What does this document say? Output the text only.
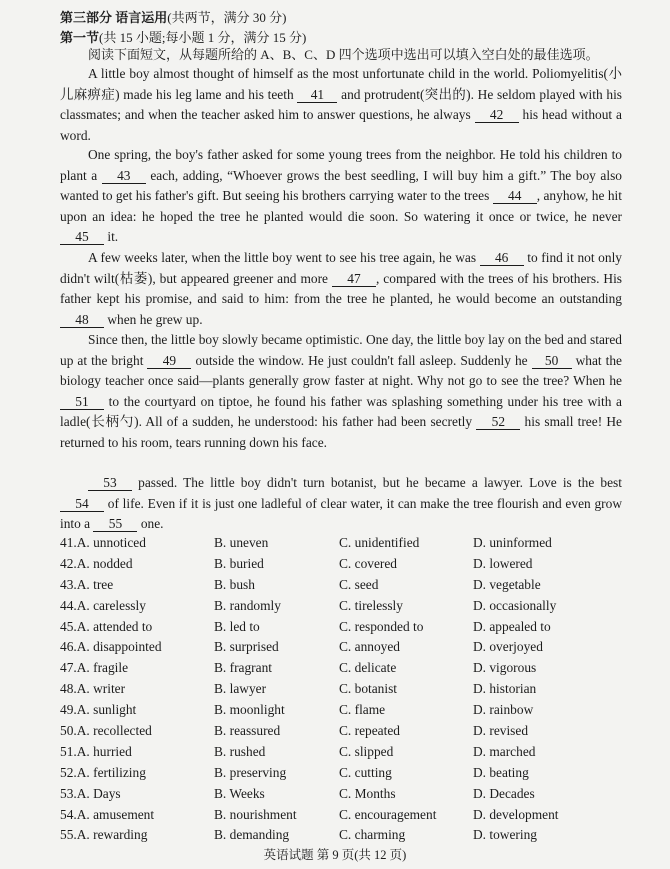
第三部分 语言运用(共两节，满分 30 分)
第一节(共 15 小题;每小题 1 分，满分 15 分)

阅读下面短文，从每题所给的 A、B、C、D 四个选项中选出可以填入空白处的最佳选项。

A little boy almost thought of himself as the most unfortunate child in the world. Poliomyelitis(小儿麻痹症) made his leg lame and his teeth 41 and protrudent(突出的). He seldom played with his classmates; and when the teacher asked him to answer questions, he always 42 his head without a word.

One spring, the boy's father asked for some young trees from the neighbor. He told his children to plant a 43 each, adding, “Whoever grows the best seedling, I will buy him a gift.” The boy also wanted to get his father's gift. But seeing his brothers carrying water to the trees 44 , anyhow, he hit upon an idea: he hoped the tree he planted would die soon. So watering it once or twice, he never 45 it.

A few weeks later, when the little boy went to see his tree again, he was 46 to find it not only didn't wilt(枯萎), but appeared greener and more 47 , compared with the trees of his brothers. His father kept his promise, and said to him: from the tree he planted, he would become an outstanding 48 when he grew up.

Since then, the little boy slowly became optimistic. One day, the little boy lay on the bed and stared up at the bright 49 outside the window. He just couldn't fall asleep. Suddenly he 50 what the biology teacher once said—plants generally grow faster at night. Why not go to see the tree? When he 51 to the courtyard on tiptoe, he found his father was splashing something under his tree with a ladle(长柄勺). All of a sudden, he understood: his father had been secretly 52 his small tree! He returned to his room, tears running down his face.

53 passed. The little boy didn't turn botanist, but he became a lawyer. Love is the best 54 of life. Even if it is just one ladleful of clear water, it can make the tree flourish and even grow into a 55 one.

41.A. unnoticed	B. uneven	C. unidentified	D. uninformed
42.A. nodded	B. buried	C. covered	D. lowered
43.A. tree	B. bush	C. seed	D. vegetable
44.A. carelessly	B. randomly	C. tirelessly	D. occasionally
45.A. attended to	B. led to	C. responded to	D. appealed to
46.A. disappointed	B. surprised	C. annoyed	D. overjoyed
47.A. fragile	B. fragrant	C. delicate	D. vigorous
48.A. writer	B. lawyer	C. botanist	D. historian
49.A. sunlight	B. moonlight	C. flame	D. rainbow
50.A. recollected	B. reassured	C. repeated	D. revised
51.A. hurried	B. rushed	C. slipped	D. marched
52.A. fertilizing	B. preserving	C. cutting	D. beating
53.A. Days	B. Weeks	C. Months	D. Decades
54.A. amusement	B. nourishment	C. encouragement	D. development
55.A. rewarding	B. demanding	C. charming	D. towering
英语试题 第 9 页(共 12 页)
